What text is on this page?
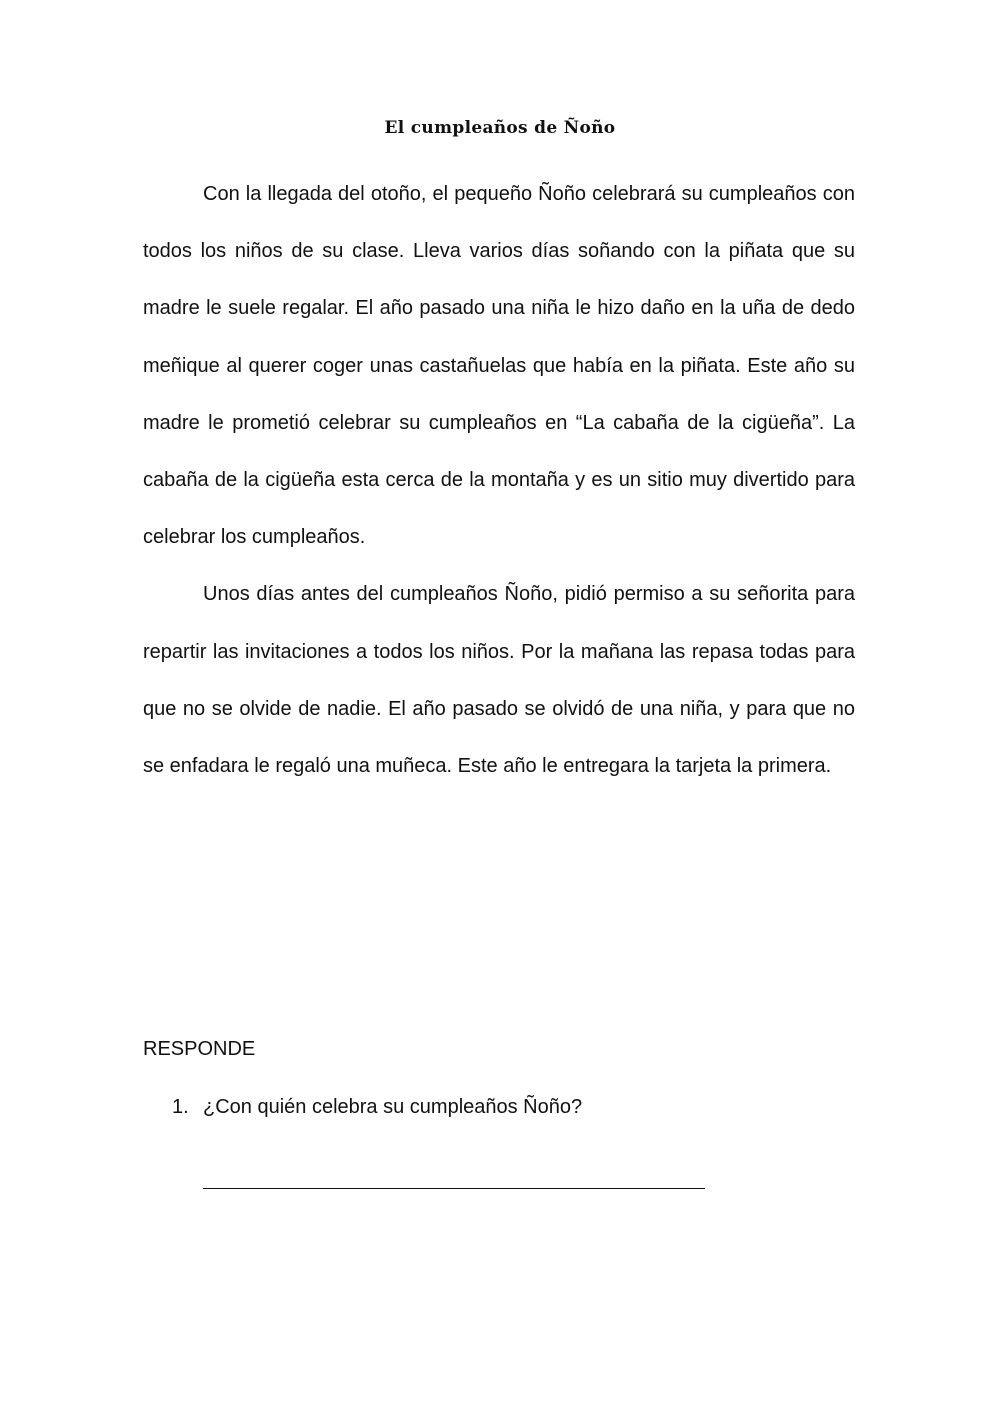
El cumpleaños de Ñoño

Con la llegada del otoño, el pequeño Ñoño celebrará su cumpleaños con todos los niños de su clase. Lleva varios días soñando con la piñata que su madre le suele regalar. El año pasado una niña le hizo daño en la uña de dedo meñique al querer coger unas castañuelas que había en la piñata. Este año su madre le prometió celebrar su cumpleaños en “La cabaña de la cigüeña”. La cabaña de la cigüeña esta cerca de la montaña y es un sitio muy divertido para celebrar los cumpleaños.

Unos días antes del cumpleaños Ñoño, pidió permiso a su señorita para repartir las invitaciones a todos los niños. Por la mañana las repasa todas para que no se olvide de nadie. El año pasado se olvidó de una niña, y para que no se enfadara le regaló una muñeca. Este año le entregara la tarjeta la primera.

RESPONDE

1. ¿Con quién celebra su cumpleaños Ñoño?
